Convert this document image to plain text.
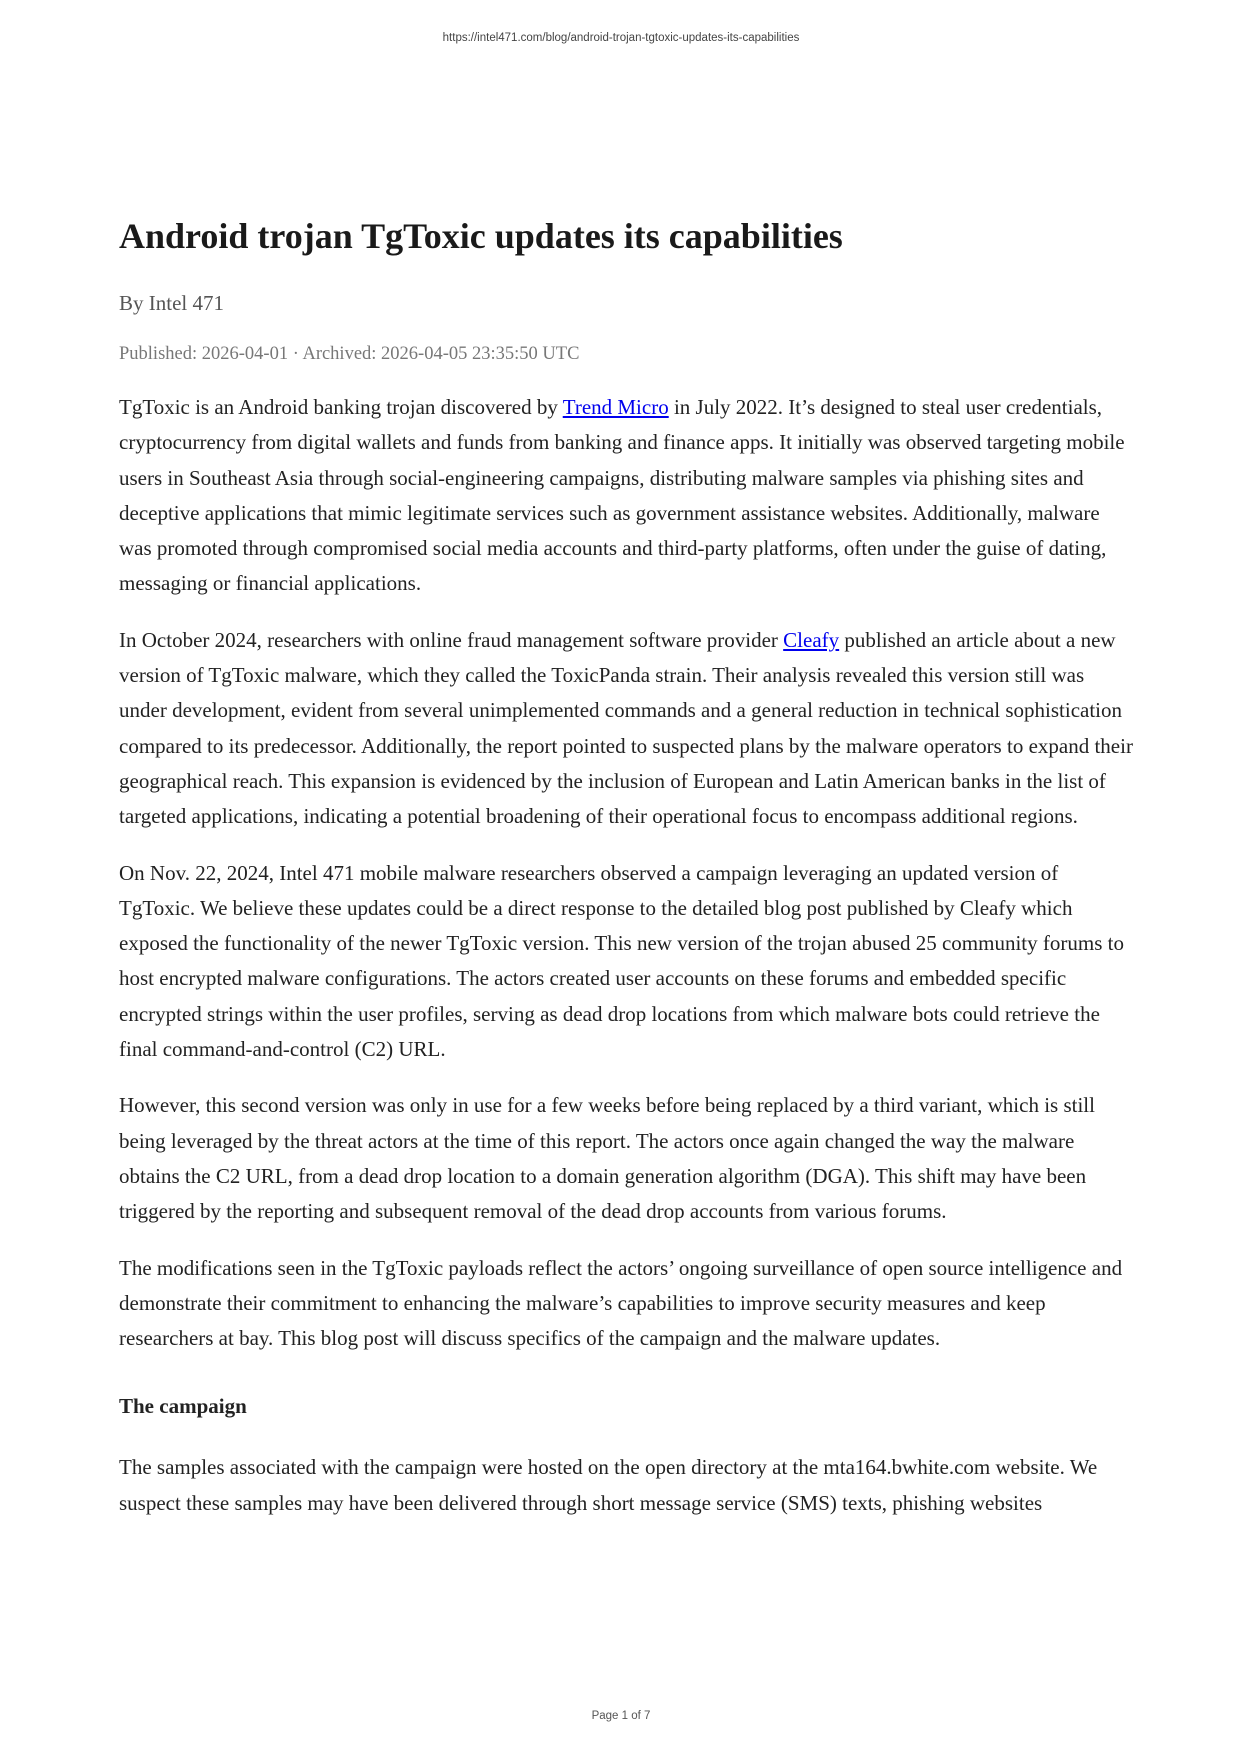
https://intel471.com/blog/android-trojan-tgtoxic-updates-its-capabilities
Android trojan TgToxic updates its capabilities
By Intel 471
Published: 2026-04-01 · Archived: 2026-04-05 23:35:50 UTC

TgToxic is an Android banking trojan discovered by Trend Micro in July 2022. It’s designed to steal user credentials, cryptocurrency from digital wallets and funds from banking and finance apps. It initially was observed targeting mobile users in Southeast Asia through social-engineering campaigns, distributing malware samples via phishing sites and deceptive applications that mimic legitimate services such as government assistance websites. Additionally, malware was promoted through compromised social media accounts and third-party platforms, often under the guise of dating, messaging or financial applications.

In October 2024, researchers with online fraud management software provider Cleafy published an article about a new version of TgToxic malware, which they called the ToxicPanda strain. Their analysis revealed this version still was under development, evident from several unimplemented commands and a general reduction in technical sophistication compared to its predecessor. Additionally, the report pointed to suspected plans by the malware operators to expand their geographical reach. This expansion is evidenced by the inclusion of European and Latin American banks in the list of targeted applications, indicating a potential broadening of their operational focus to encompass additional regions.

On Nov. 22, 2024, Intel 471 mobile malware researchers observed a campaign leveraging an updated version of TgToxic. We believe these updates could be a direct response to the detailed blog post published by Cleafy which exposed the functionality of the newer TgToxic version. This new version of the trojan abused 25 community forums to host encrypted malware configurations. The actors created user accounts on these forums and embedded specific encrypted strings within the user profiles, serving as dead drop locations from which malware bots could retrieve the final command-and-control (C2) URL.

However, this second version was only in use for a few weeks before being replaced by a third variant, which is still being leveraged by the threat actors at the time of this report. The actors once again changed the way the malware obtains the C2 URL, from a dead drop location to a domain generation algorithm (DGA). This shift may have been triggered by the reporting and subsequent removal of the dead drop accounts from various forums.

The modifications seen in the TgToxic payloads reflect the actors’ ongoing surveillance of open source intelligence and demonstrate their commitment to enhancing the malware’s capabilities to improve security measures and keep researchers at bay. This blog post will discuss specifics of the campaign and the malware updates.

The campaign

The samples associated with the campaign were hosted on the open directory at the mta164.bwhite.com website. We suspect these samples may have been delivered through short message service (SMS) texts, phishing websites

Page 1 of 7
